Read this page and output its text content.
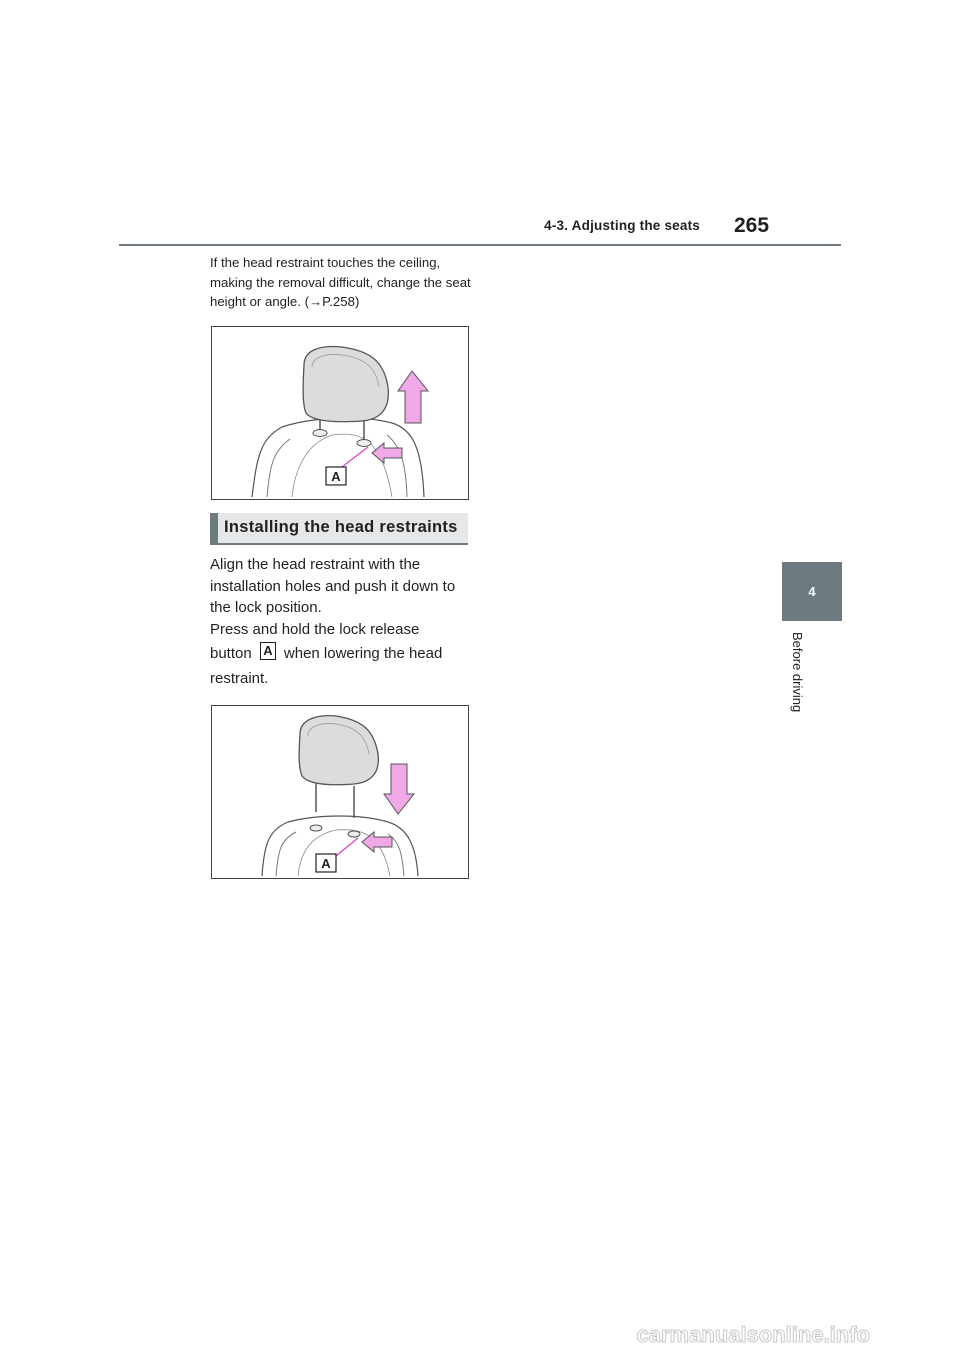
4-3. Adjusting the seats 265
4
Before driving
If the head restraint touches the ceiling, making the removal difficult, change the seat height or angle. (→P.258)
A
Installing the head restraints

Align the head restraint with the installation holes and push it down to the lock position.

Press and hold the lock release

button A when lowering the head

restraint.

A
carmanualsonline.info
